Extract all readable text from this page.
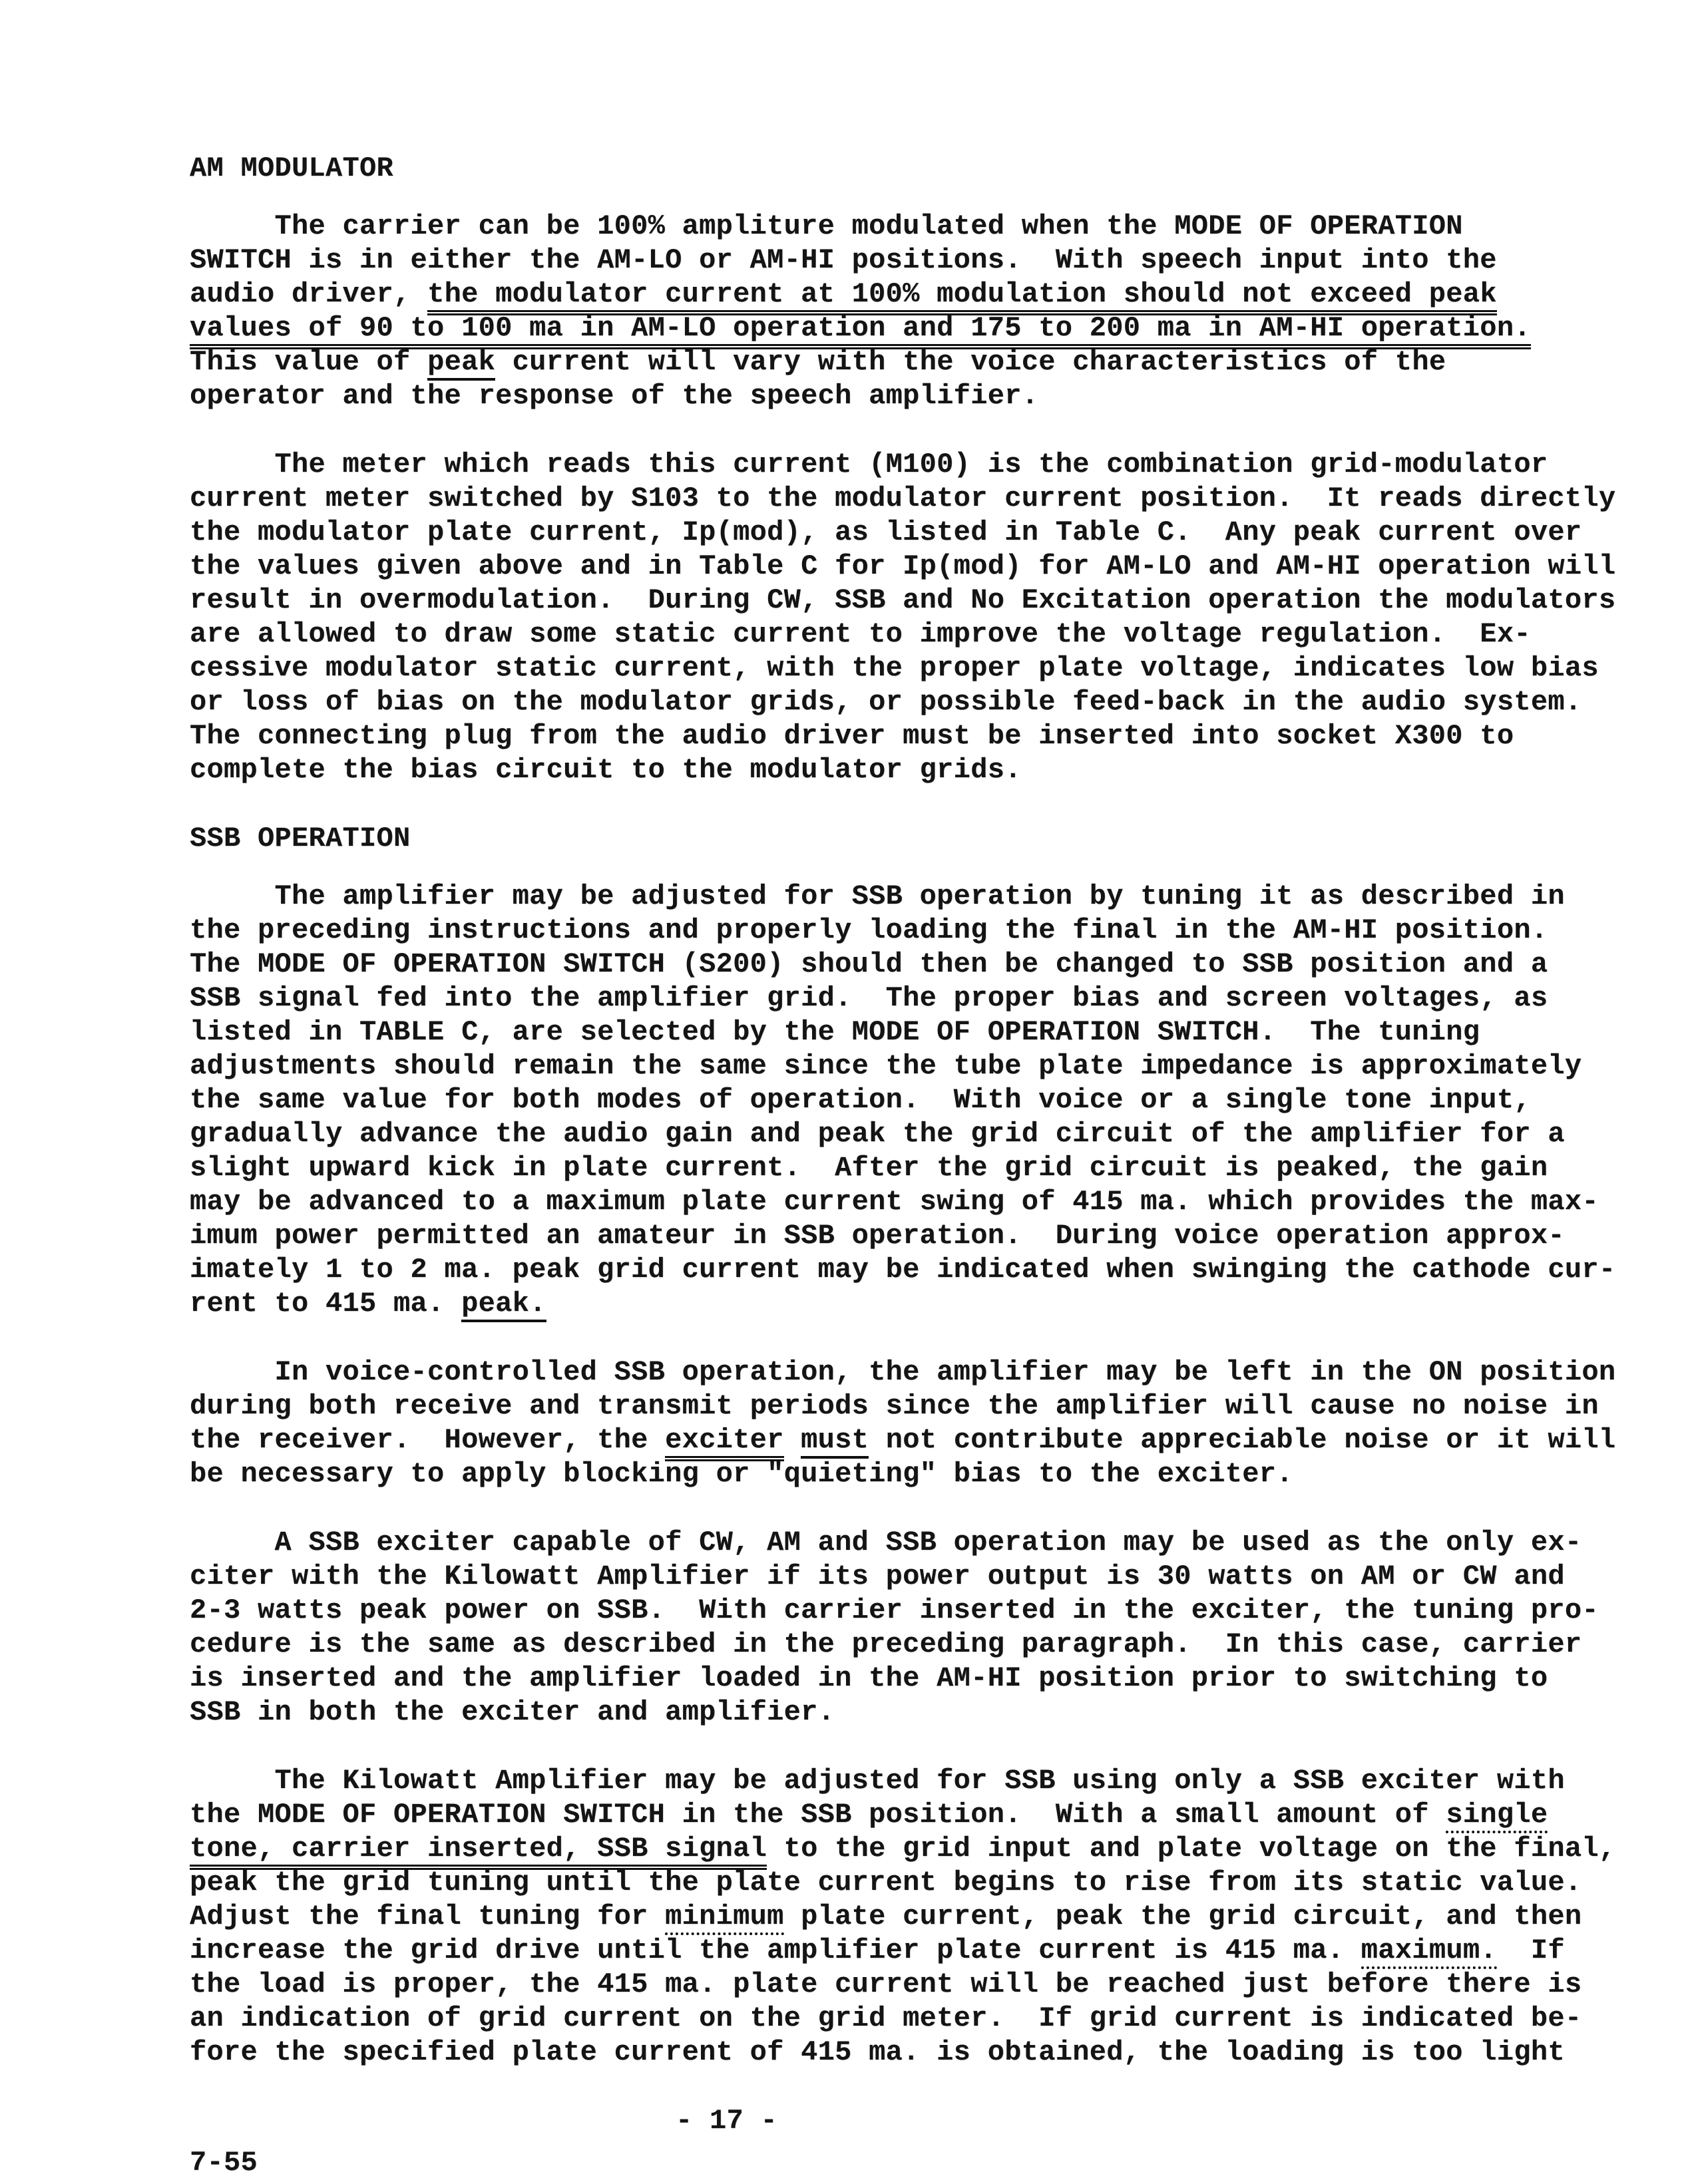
AM MODULATOR
The carrier can be 100% ampliture modulated when the MODE OF OPERATION
SWITCH is in either the AM-LO or AM-HI positions.  With speech input into the
audio driver, the modulator current at 100% modulation should not exceed peak
values of 90 to 100 ma in AM-LO operation and 175 to 200 ma in AM-HI operation.
This value of peak current will vary with the voice characteristics of the
operator and the response of the speech amplifier.
The meter which reads this current (M100) is the combination grid-modulator
current meter switched by S103 to the modulator current position.  It reads directly
the modulator plate current, Ip(mod), as listed in Table C.  Any peak current over
the values given above and in Table C for Ip(mod) for AM-LO and AM-HI operation will
result in overmodulation.  During CW, SSB and No Excitation operation the modulators
are allowed to draw some static current to improve the voltage regulation.  Ex-
cessive modulator static current, with the proper plate voltage, indicates low bias
or loss of bias on the modulator grids, or possible feed-back in the audio system.
The connecting plug from the audio driver must be inserted into socket X300 to
complete the bias circuit to the modulator grids.
SSB OPERATION
The amplifier may be adjusted for SSB operation by tuning it as described in
the preceding instructions and properly loading the final in the AM-HI position.
The MODE OF OPERATION SWITCH (S200) should then be changed to SSB position and a
SSB signal fed into the amplifier grid.  The proper bias and screen voltages, as
listed in TABLE C, are selected by the MODE OF OPERATION SWITCH.  The tuning
adjustments should remain the same since the tube plate impedance is approximately
the same value for both modes of operation.  With voice or a single tone input,
gradually advance the audio gain and peak the grid circuit of the amplifier for a
slight upward kick in plate current.  After the grid circuit is peaked, the gain
may be advanced to a maximum plate current swing of 415 ma. which provides the max-
imum power permitted an amateur in SSB operation.  During voice operation approx-
imately 1 to 2 ma. peak grid current may be indicated when swinging the cathode cur-
rent to 415 ma. peak.
In voice-controlled SSB operation, the amplifier may be left in the ON position
during both receive and transmit periods since the amplifier will cause no noise in
the receiver.  However, the exciter must not contribute appreciable noise or it will
be necessary to apply blocking or "quieting" bias to the exciter.
A SSB exciter capable of CW, AM and SSB operation may be used as the only ex-
citer with the Kilowatt Amplifier if its power output is 30 watts on AM or CW and
2-3 watts peak power on SSB.  With carrier inserted in the exciter, the tuning pro-
cedure is the same as described in the preceding paragraph.  In this case, carrier
is inserted and the amplifier loaded in the AM-HI position prior to switching to
SSB in both the exciter and amplifier.
The Kilowatt Amplifier may be adjusted for SSB using only a SSB exciter with
the MODE OF OPERATION SWITCH in the SSB position.  With a small amount of single
tone, carrier inserted, SSB signal to the grid input and plate voltage on the final,
peak the grid tuning until the plate current begins to rise from its static value.
Adjust the final tuning for minimum plate current, peak the grid circuit, and then
increase the grid drive until the amplifier plate current is 415 ma. maximum.  If
the load is proper, the 415 ma. plate current will be reached just before there is
an indication of grid current on the grid meter.  If grid current is indicated be-
fore the specified plate current of 415 ma. is obtained, the loading is too light
- 17 -
7-55
